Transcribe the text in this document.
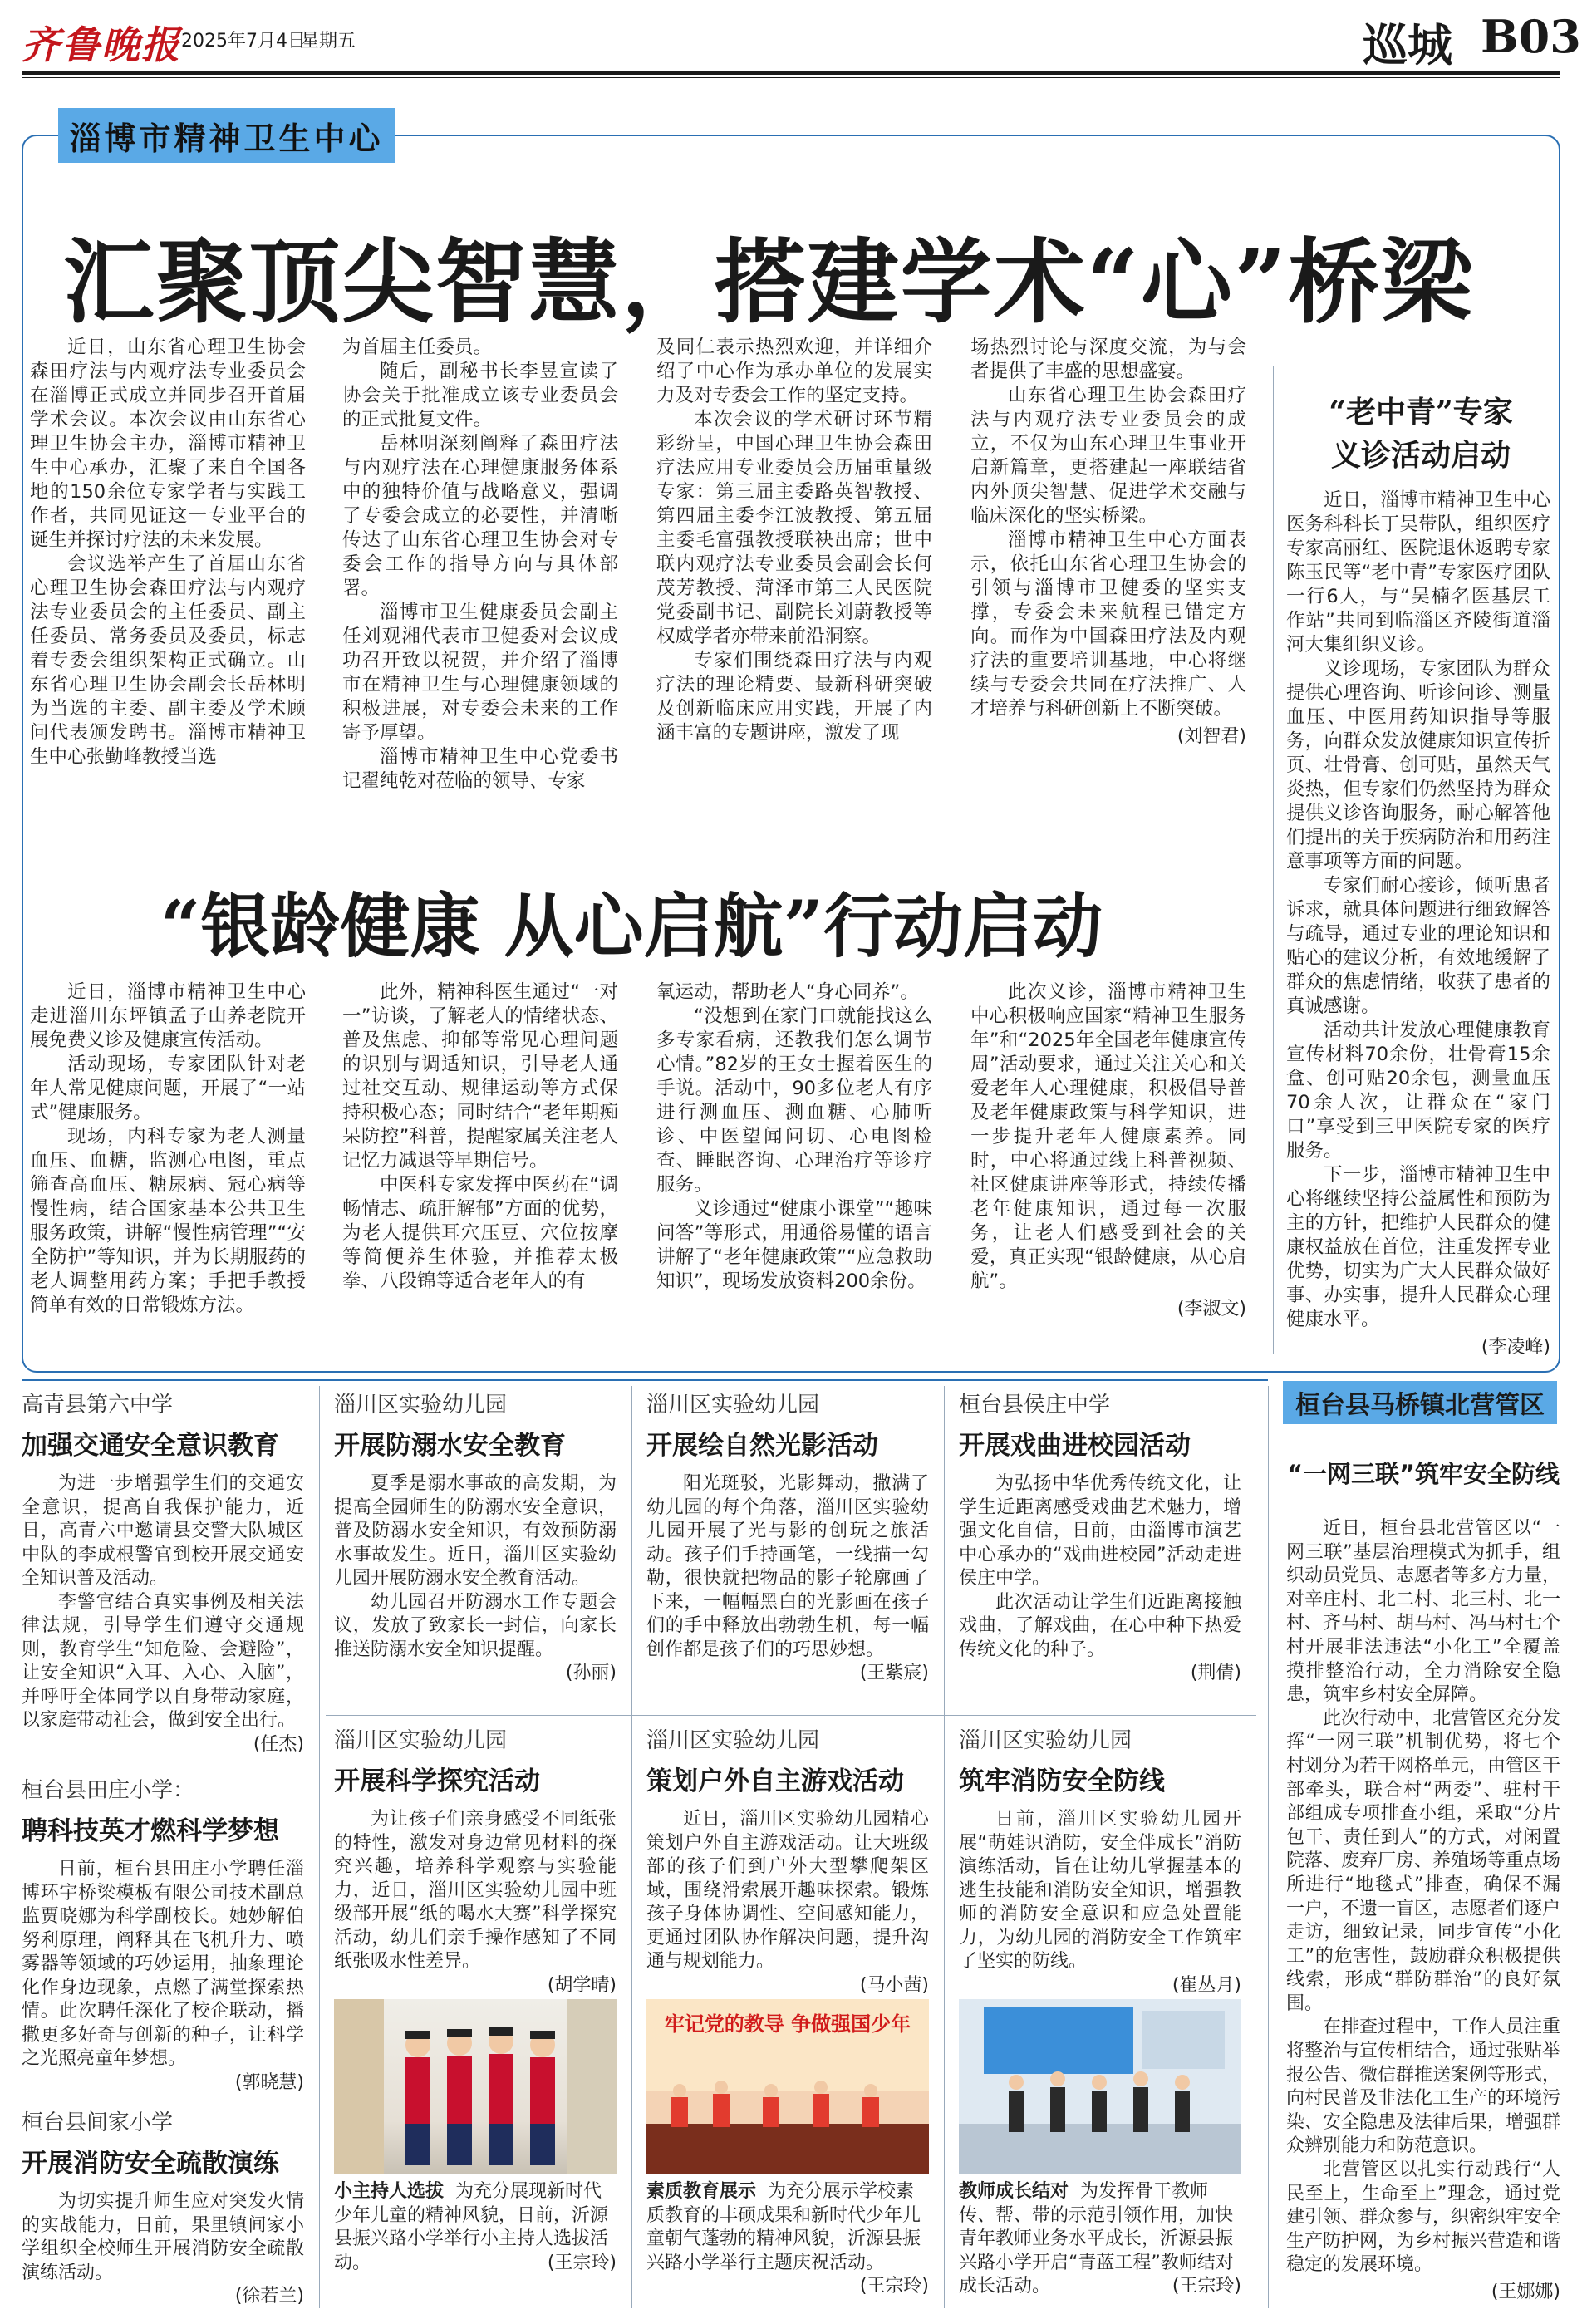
齐鲁晚报 2025年7月4日
星期五	巡城 B03
淄博市精神卫生中心
汇聚顶尖智慧，搭建学术“心”桥梁

近日，山东省心理卫生协会森田疗法与内观疗法专业委员会在淄博正式成立并同步召开首届学术会议。本次会议由山东省心理卫生协会主办，淄博市精神卫生中心承办，汇聚了来自全国各地的150余位专家学者与实践工作者，共同见证这一专业平台的诞生并探讨疗法的未来发展。

会议选举产生了首届山东省心理卫生协会森田疗法与内观疗法专业委员会的主任委员、副主任委员、常务委员及委员，标志着专委会组织架构正式确立。山东省心理卫生协会副会长岳林明为当选的主委、副主委及学术顾问代表颁发聘书。淄博市精神卫生中心张勤峰教授当选

为首届主任委员。

随后，副秘书长李昱宣读了协会关于批准成立该专业委员会的正式批复文件。

岳林明深刻阐释了森田疗法与内观疗法在心理健康服务体系中的独特价值与战略意义，强调了专委会成立的必要性，并清晰传达了山东省心理卫生协会对专委会工作的指导方向与具体部署。

淄博市卫生健康委员会副主任刘观湘代表市卫健委对会议成功召开致以祝贺，并介绍了淄博市在精神卫生与心理健康领域的积极进展，对专委会未来的工作寄予厚望。

淄博市精神卫生中心党委书记翟纯乾对莅临的领导、专家

及同仁表示热烈欢迎，并详细介绍了中心作为承办单位的发展实力及对专委会工作的坚定支持。

本次会议的学术研讨环节精彩纷呈，中国心理卫生协会森田疗法应用专业委员会历届重量级专家：第三届主委路英智教授、第四届主委李江波教授、第五届主委毛富强教授联袂出席；世中联内观疗法专业委员会副会长何茂芳教授、菏泽市第三人民医院党委副书记、副院长刘蔚教授等权威学者亦带来前沿洞察。

专家们围绕森田疗法与内观疗法的理论精要、最新科研突破及创新临床应用实践，开展了内涵丰富的专题讲座，激发了现

场热烈讨论与深度交流，为与会者提供了丰盛的思想盛宴。

山东省心理卫生协会森田疗法与内观疗法专业委员会的成立，不仅为山东心理卫生事业开启新篇章，更搭建起一座联结省内外顶尖智慧、促进学术交融与临床深化的坚实桥梁。

淄博市精神卫生中心方面表示，依托山东省心理卫生协会的引领与淄博市卫健委的坚实支撑，专委会未来航程已错定方向。而作为中国森田疗法及内观疗法的重要培训基地，中心将继续与专委会共同在疗法推广、人才培养与科研创新上不断突破。

(刘智君)
“老中青”专家
义诊活动启动

近日，淄博市精神卫生中心医务科科长丁昊带队，组织医疗专家高丽红、医院退休返聘专家陈玉民等“老中青”专家医疗团队一行6人，与“吴楠名医基层工作站”共同到临淄区齐陵街道淄河大集组织义诊。

义诊现场，专家团队为群众提供心理咨询、听诊问诊、测量血压、中医用药知识指导等服务，向群众发放健康知识宣传折页、壮骨膏、创可贴，虽然天气炎热，但专家们仍然坚持为群众提供义诊咨询服务，耐心解答他们提出的关于疾病防治和用药注意事项等方面的问题。

专家们耐心接诊，倾听患者诉求，就具体问题进行细致解答与疏导，通过专业的理论知识和贴心的建议分析，有效地缓解了群众的焦虑情绪，收获了患者的真诚感谢。

活动共计发放心理健康教育宣传材料70余份，壮骨膏15余盒、创可贴20余包，测量血压70余人次，让群众在“家门口”享受到三甲医院专家的医疗服务。

下一步，淄博市精神卫生中心将继续坚持公益属性和预防为主的方针，把维护人民群众的健康权益放在首位，注重发挥专业优势，切实为广大人民群众做好事、办实事，提升人民群众心理健康水平。

(李凌峰)
“银龄健康 从心启航”行动启动

近日，淄博市精神卫生中心走进淄川东坪镇孟子山养老院开展免费义诊及健康宣传活动。

活动现场，专家团队针对老年人常见健康问题，开展了“一站式”健康服务。

现场，内科专家为老人测量血压、血糖，监测心电图，重点筛查高血压、糖尿病、冠心病等慢性病，结合国家基本公共卫生服务政策，讲解“慢性病管理”“安全防护”等知识，并为长期服药的老人调整用药方案；手把手教授简单有效的日常锻炼方法。

此外，精神科医生通过“一对一”访谈，了解老人的情绪状态、普及焦虑、抑郁等常见心理问题的识别与调适知识，引导老人通过社交互动、规律运动等方式保持积极心态；同时结合“老年期痴呆防控”科普，提醒家属关注老人记忆力减退等早期信号。

中医科专家发挥中医药在“调畅情志、疏肝解郁”方面的优势，为老人提供耳穴压豆、穴位按摩等简便养生体验，并推荐太极拳、八段锦等适合老年人的有

氧运动，帮助老人“身心同养”。

“没想到在家门口就能找这么多专家看病，还教我们怎么调节心情。”82岁的王女士握着医生的手说。活动中，90多位老人有序进行测血压、测血糖、心肺听诊、中医望闻问切、心电图检查、睡眠咨询、心理治疗等诊疗服务。

义诊通过“健康小课堂”“趣味问答”等形式，用通俗易懂的语言讲解了“老年健康政策”“应急救助知识”，现场发放资料200余份。

此次义诊，淄博市精神卫生中心积极响应国家“精神卫生服务年”和“2025年全国老年健康宣传周”活动要求，通过关注关心和关爱老年人心理健康，积极倡导普及老年健康政策与科学知识，进一步提升老年人健康素养。同时，中心将通过线上科普视频、社区健康讲座等形式，持续传播老年健康知识，通过每一次服务，让老人们感受到社会的关爱，真正实现“银龄健康，从心启航”。

(李淑文)
高青县第六中学
加强交通安全意识教育

为进一步增强学生们的交通安全意识，提高自我保护能力，近日，高青六中邀请县交警大队城区中队的李成根警官到校开展交通安全知识普及活动。

李警官结合真实事例及相关法律法规，引导学生们遵守交通规则，教育学生“知危险、会避险”，让安全知识“入耳、入心、入脑”，并呼吁全体同学以自身带动家庭，以家庭带动社会，做到安全出行。

(任杰)
桓台县田庄小学：
聘科技英才燃科学梦想

日前，桓台县田庄小学聘任淄博环宇桥梁模板有限公司技术副总监贾晓娜为科学副校长。她妙解伯努利原理，阐释其在飞机升力、喷雾器等领域的巧妙运用，抽象理论化作身边现象，点燃了满堂探索热情。此次聘任深化了校企联动，播撒更多好奇与创新的种子，让科学之光照亮童年梦想。

(郭晓慧)
桓台县间家小学
开展消防安全疏散演练

为切实提升师生应对突发火情的实战能力，日前，果里镇间家小学组织全校师生开展消防安全疏散演练活动。

(徐若兰)
淄川区实验幼儿园
开展防溺水安全教育

夏季是溺水事故的高发期，为提高全园师生的防溺水安全意识，普及防溺水安全知识，有效预防溺水事故发生。近日，淄川区实验幼儿园开展防溺水安全教育活动。

幼儿园召开防溺水工作专题会议，发放了致家长一封信，向家长推送防溺水安全知识提醒。

(孙丽)
淄川区实验幼儿园
开展绘自然光影活动

阳光斑驳，光影舞动，撒满了幼儿园的每个角落，淄川区实验幼儿园开展了光与影的创玩之旅活动。孩子们手持画笔，一线描一勾勒，很快就把物品的影子轮廓画了下来，一幅幅黑白的光影画在孩子们的手中释放出勃勃生机，每一幅创作都是孩子们的巧思妙想。

(王紫宸)
桓台县侯庄中学
开展戏曲进校园活动

为弘扬中华优秀传统文化，让学生近距离感受戏曲艺术魅力，增强文化自信，日前，由淄博市演艺中心承办的“戏曲进校园”活动走进侯庄中学。

此次活动让学生们近距离接触戏曲，了解戏曲，在心中种下热爱传统文化的种子。

(荆倩)
淄川区实验幼儿园
开展科学探究活动

为让孩子们亲身感受不同纸张的特性，激发对身边常见材料的探究兴趣，培养科学观察与实验能力，近日，淄川区实验幼儿园中班级部开展“纸的喝水大赛”科学探究活动，幼儿们亲手操作感知了不同纸张吸水性差异。

(胡学晴)
淄川区实验幼儿园
策划户外自主游戏活动

近日，淄川区实验幼儿园精心策划户外自主游戏活动。让大班级部的孩子们到户外大型攀爬架区域，围绕滑索展开趣味探索。锻炼孩子身体协调性、空间感知能力，更通过团队协作解决问题，提升沟通与规划能力。

(马小茜)
淄川区实验幼儿园
筑牢消防安全防线

日前，淄川区实验幼儿园开展“萌娃识消防，安全伴成长”消防演练活动，旨在让幼儿掌握基本的逃生技能和消防安全知识，增强教师的消防安全意识和应急处置能力，为幼儿园的消防安全工作筑牢了坚实的防线。

(崔丛月)
小主持人选拔 为充分展现新时代少年儿童的精神风貌，日前，沂源县振兴路小学举行小主持人选拔活动。	(王宗玲)
牢记党的教导 争做强国少年
素质教育展示 为充分展示学校素质教育的丰硕成果和新时代少年儿童朝气蓬勃的精神风貌，沂源县振兴路小学举行主题庆祝活动。
(王宗玲)
教师成长结对 为发挥骨干教师传、帮、带的示范引领作用，加快青年教师业务水平成长，沂源县振兴路小学开启“青蓝工程”教师结对成长活动。	(王宗玲)
桓台县马桥镇北营管区
“一网三联”筑牢安全防线

近日，桓台县北营管区以“一网三联”基层治理模式为抓手，组织动员党员、志愿者等多方力量，对辛庄村、北二村、北三村、北一村、齐马村、胡马村、冯马村七个村开展非法违法“小化工”全覆盖摸排整治行动，全力消除安全隐患，筑牢乡村安全屏障。

此次行动中，北营管区充分发挥“一网三联”机制优势，将七个村划分为若干网格单元，由管区干部牵头，联合村“两委”、驻村干部组成专项排查小组，采取“分片包干、责任到人”的方式，对闲置院落、废弃厂房、养殖场等重点场所进行“地毯式”排查，确保不漏一户，不遗一盲区，志愿者们逐户走访，细致记录，同步宣传“小化工”的危害性，鼓励群众积极提供线索，形成“群防群治”的良好氛围。

在排查过程中，工作人员注重将整治与宣传相结合，通过张贴举报公告、微信群推送案例等形式，向村民普及非法化工生产的环境污染、安全隐患及法律后果，增强群众辨别能力和防范意识。

北营管区以扎实行动践行“人民至上，生命至上”理念，通过党建引领、群众参与，织密织牢安全生产防护网，为乡村振兴营造和谐稳定的发展环境。

(王娜娜)
